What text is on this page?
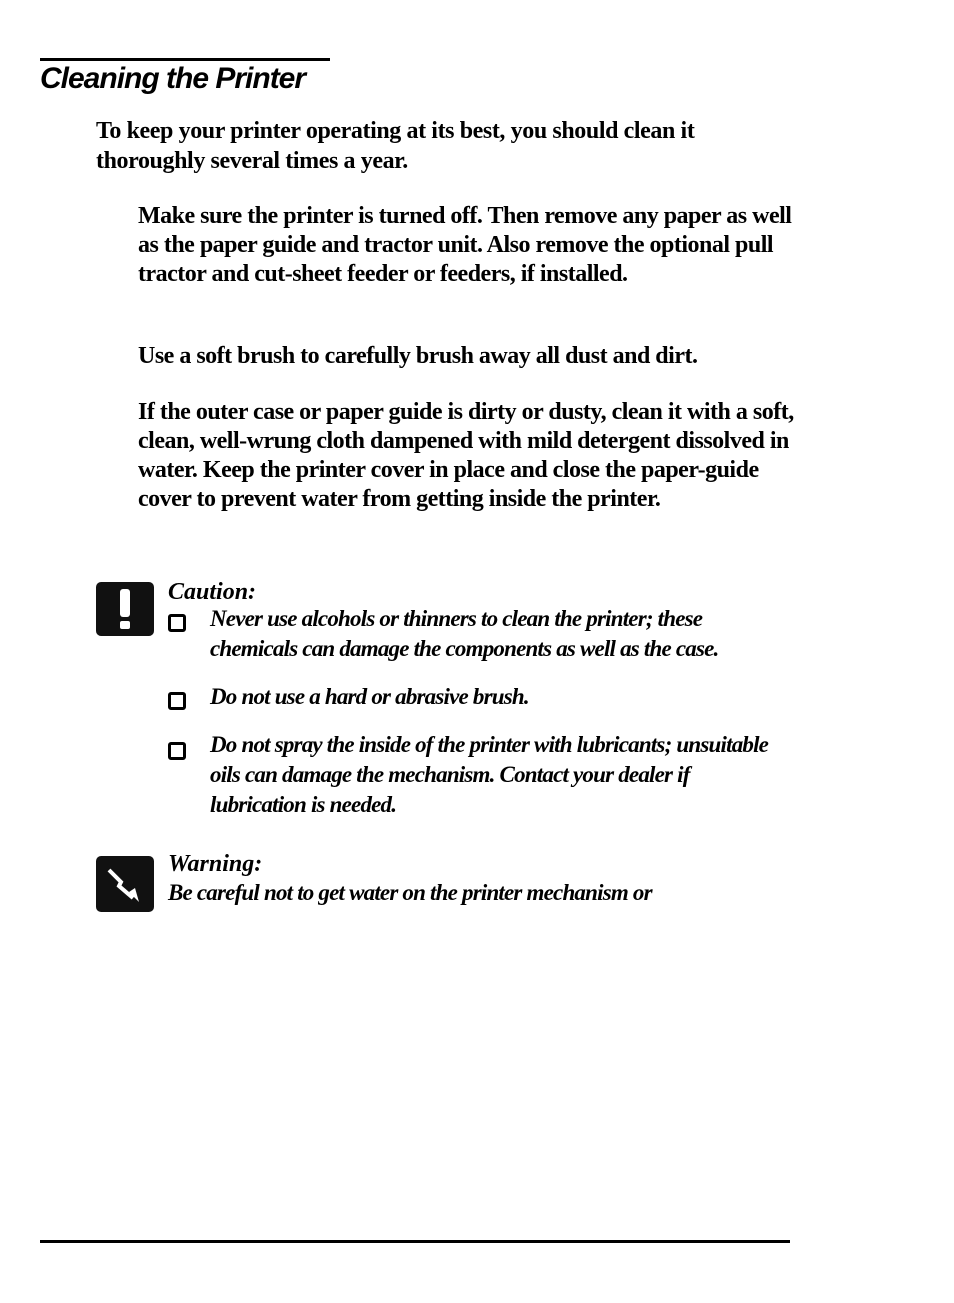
Cleaning the Printer

To keep your printer operating at its best, you should clean it thoroughly several times a year.

Make sure the printer is turned off. Then remove any paper as well as the paper guide and tractor unit. Also remove the optional pull tractor and cut-sheet feeder or feeders, if installed.

Use a soft brush to carefully brush away all dust and dirt.

If the outer case or paper guide is dirty or dusty, clean it with a soft, clean, well-wrung cloth dampened with mild detergent dissolved in water. Keep the printer cover in place and close the paper-guide cover to prevent water from getting inside the printer.

Caution:

Never use alcohols or thinners to clean the printer; these chemicals can damage the components as well as the case.

Do not use a hard or abrasive brush.

Do not spray the inside of the printer with lubricants; unsuitable oils can damage the mechanism. Contact your dealer if lubrication is needed.

Warning:

Be careful not to get water on the printer mechanism or
